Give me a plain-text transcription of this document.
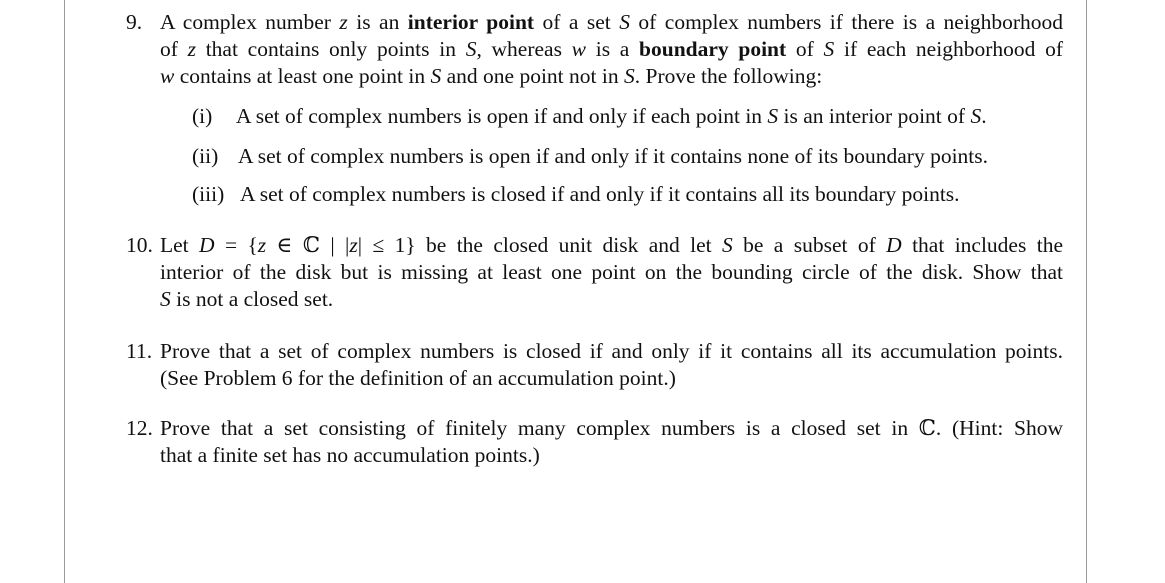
9. A complex number z is an interior point of a set S of complex numbers if there is a neighborhood
of z that contains only points in S, whereas w is a boundary point of S if each neighborhood of
w contains at least one point in S and one point not in S. Prove the following:
(i) A set of complex numbers is open if and only if each point in S is an interior point of S.
(ii) A set of complex numbers is open if and only if it contains none of its boundary points.
(iii) A set of complex numbers is closed if and only if it contains all its boundary points.
10. Let D = {z ∈ ℂ | |z| ≤ 1} be the closed unit disk and let S be a subset of D that includes the
interior of the disk but is missing at least one point on the bounding circle of the disk. Show that
S is not a closed set.
11. Prove that a set of complex numbers is closed if and only if it contains all its accumulation points.
(See Problem 6 for the definition of an accumulation point.)
12. Prove that a set consisting of finitely many complex numbers is a closed set in ℂ. (Hint: Show
that a finite set has no accumulation points.)
